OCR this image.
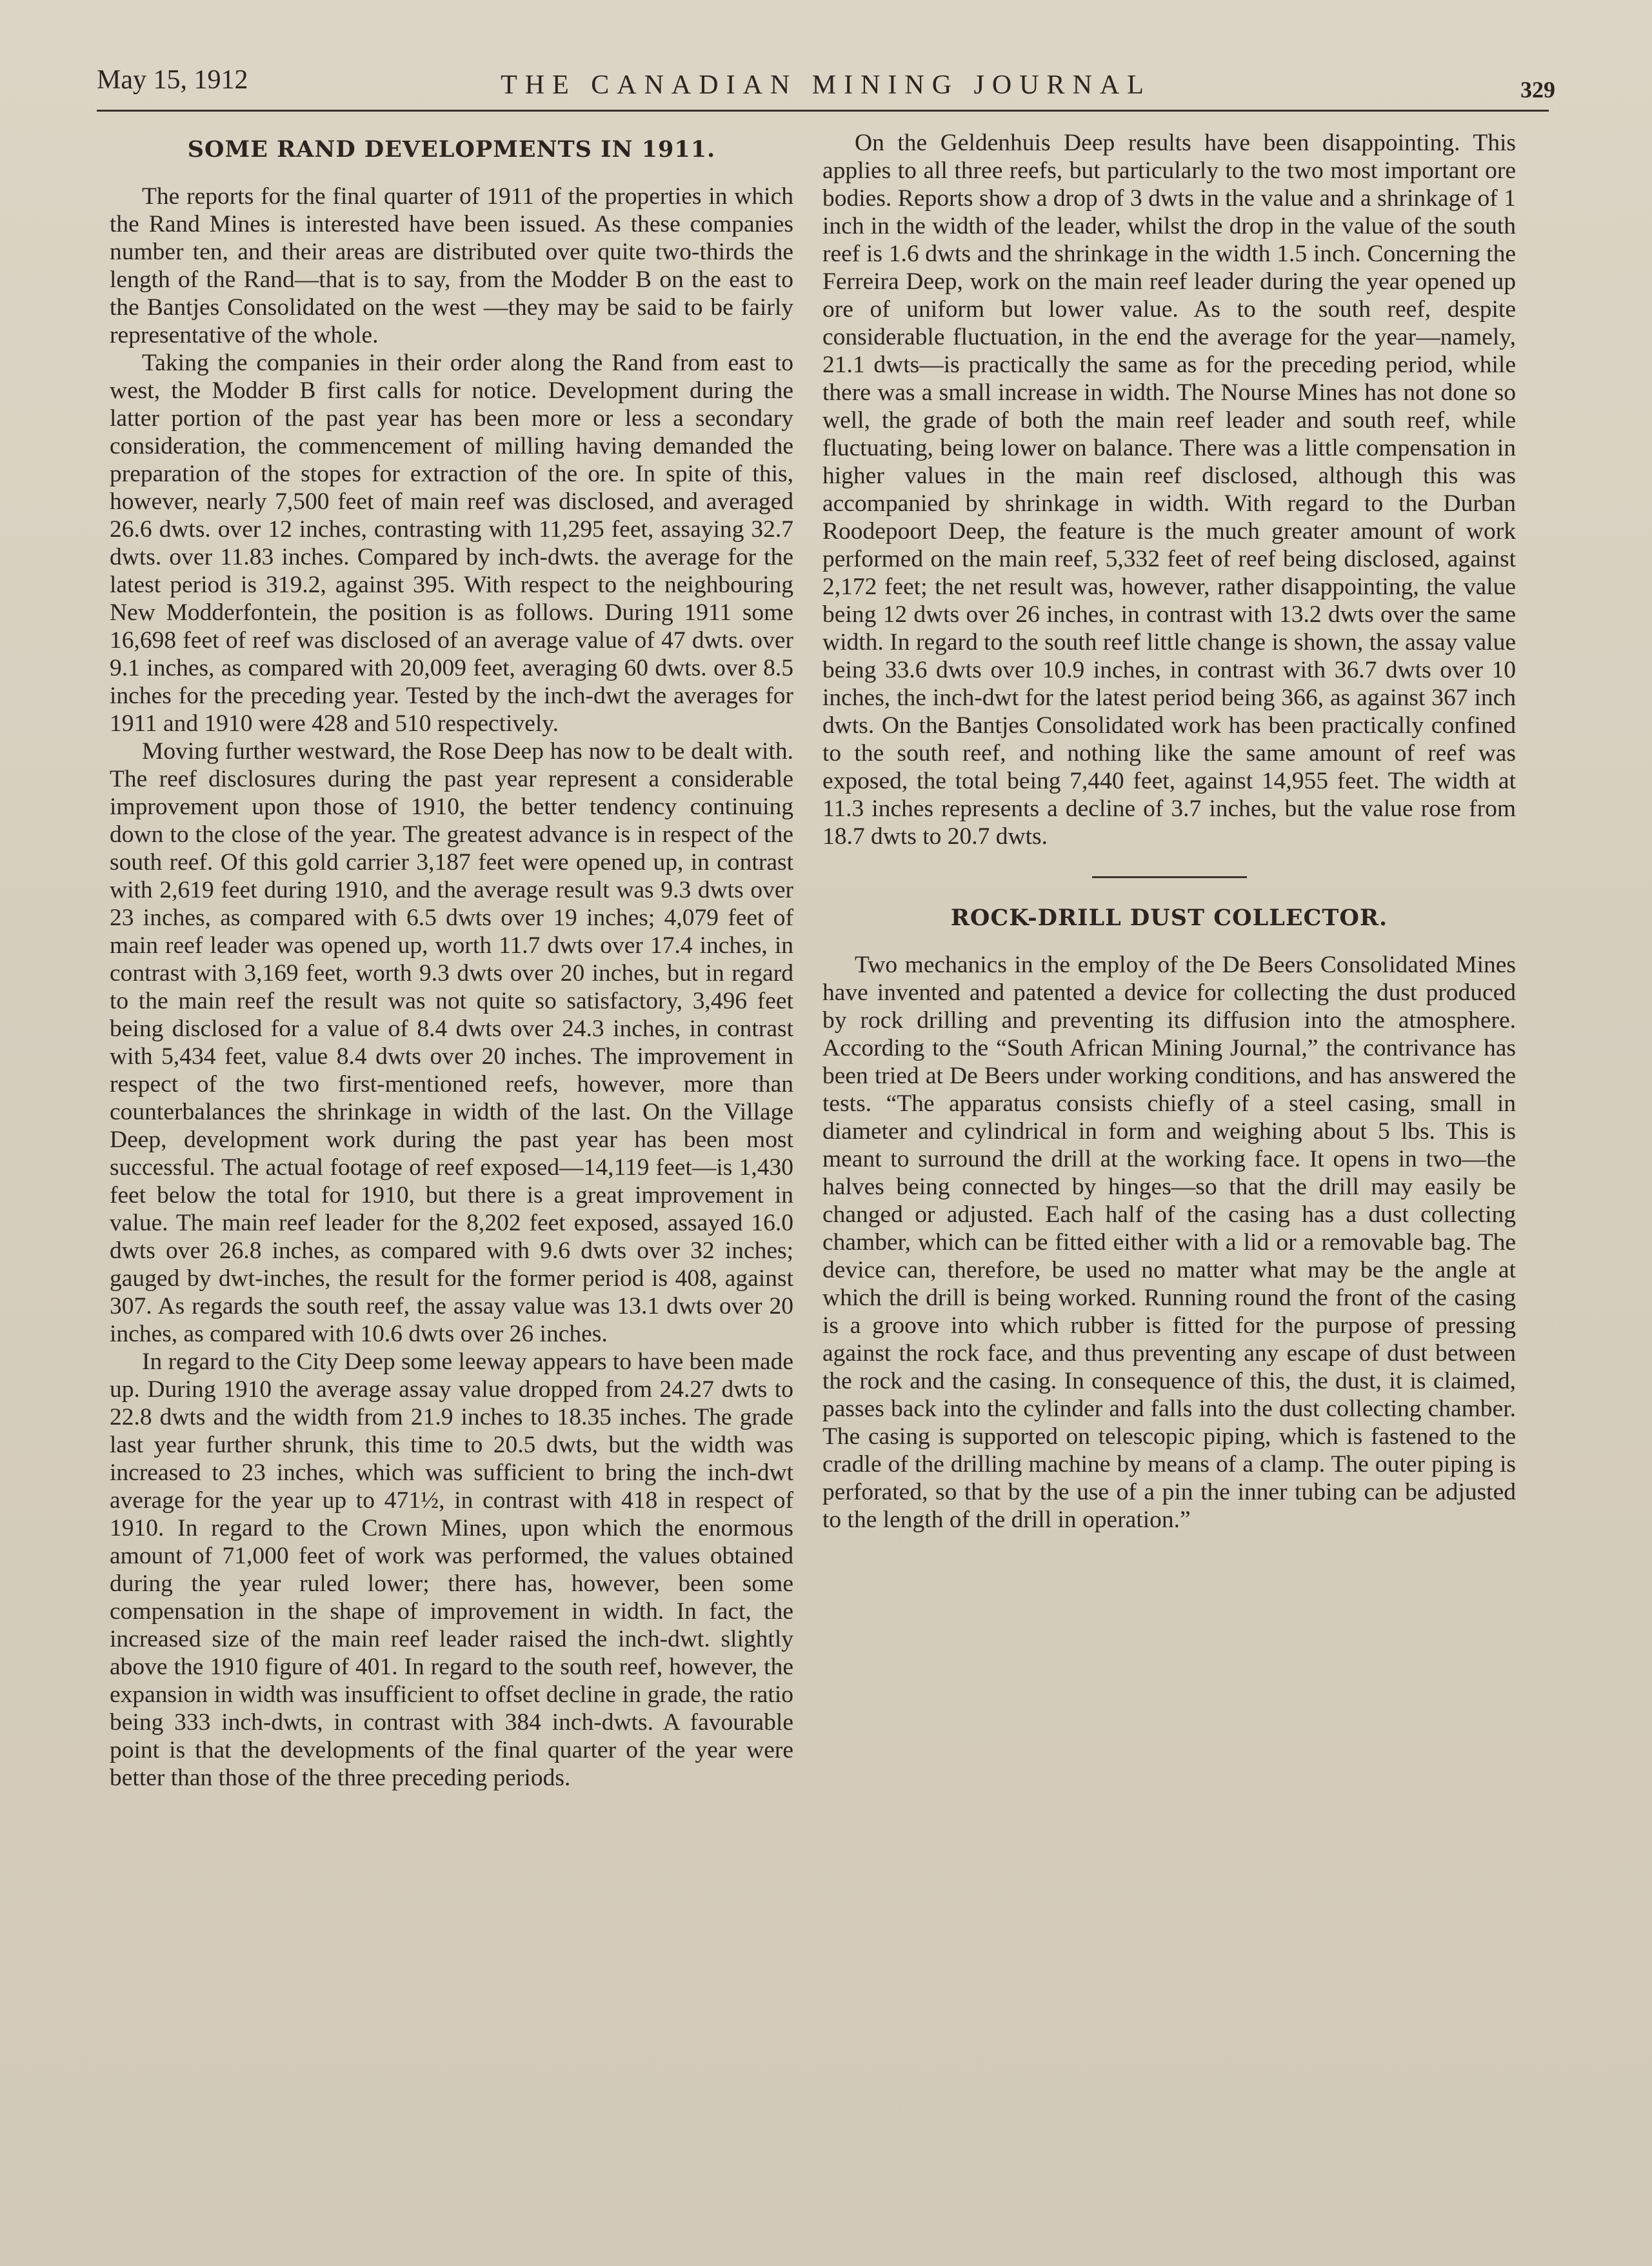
May 15, 1912	THE CANADIAN MINING JOURNAL	329
SOME RAND DEVELOPMENTS IN 1911.

The reports for the final quarter of 1911 of the properties in which the Rand Mines is interested have been issued. As these companies number ten, and their areas are distributed over quite two-thirds the length of the Rand—that is to say, from the Modder B on the east to the Bantjes Consolidated on the west —they may be said to be fairly representative of the whole.

Taking the companies in their order along the Rand from east to west, the Modder B first calls for notice. Development during the latter portion of the past year has been more or less a secondary consideration, the commencement of milling having demanded the preparation of the stopes for extraction of the ore. In spite of this, however, nearly 7,500 feet of main reef was disclosed, and averaged 26.6 dwts. over 12 inches, contrasting with 11,295 feet, assaying 32.7 dwts. over 11.83 inches. Compared by inch-dwts. the average for the latest period is 319.2, against 395. With respect to the neighbouring New Modderfontein, the position is as follows. During 1911 some 16,698 feet of reef was disclosed of an average value of 47 dwts. over 9.1 inches, as compared with 20,009 feet, averaging 60 dwts. over 8.5 inches for the preceding year. Tested by the inch-dwt the averages for 1911 and 1910 were 428 and 510 respectively.

Moving further westward, the Rose Deep has now to be dealt with. The reef disclosures during the past year represent a considerable improvement upon those of 1910, the better tendency continuing down to the close of the year. The greatest advance is in respect of the south reef. Of this gold carrier 3,187 feet were opened up, in contrast with 2,619 feet during 1910, and the average result was 9.3 dwts over 23 inches, as compared with 6.5 dwts over 19 inches; 4,079 feet of main reef leader was opened up, worth 11.7 dwts over 17.4 inches, in contrast with 3,169 feet, worth 9.3 dwts over 20 inches, but in regard to the main reef the result was not quite so satisfactory, 3,496 feet being disclosed for a value of 8.4 dwts over 24.3 inches, in contrast with 5,434 feet, value 8.4 dwts over 20 inches. The improvement in respect of the two first-mentioned reefs, however, more than counterbalances the shrinkage in width of the last. On the Village Deep, development work during the past year has been most successful. The actual footage of reef exposed—14,119 feet—is 1,430 feet below the total for 1910, but there is a great improvement in value. The main reef leader for the 8,202 feet exposed, assayed 16.0 dwts over 26.8 inches, as compared with 9.6 dwts over 32 inches; gauged by dwt-inches, the result for the former period is 408, against 307. As regards the south reef, the assay value was 13.1 dwts over 20 inches, as compared with 10.6 dwts over 26 inches.

In regard to the City Deep some leeway appears to have been made up. During 1910 the average assay value dropped from 24.27 dwts to 22.8 dwts and the width from 21.9 inches to 18.35 inches. The grade last year further shrunk, this time to 20.5 dwts, but the width was increased to 23 inches, which was sufficient to bring the inch-dwt average for the year up to 471½, in contrast with 418 in respect of 1910. In regard to the Crown Mines, upon which the enormous amount of 71,000 feet of work was performed, the values obtained during the year ruled lower; there has, however, been some compensation in the shape of improvement in width. In fact, the increased size of the main reef leader raised the inch-dwt. slightly above the 1910 figure of 401. In regard to the south reef, however, the expansion in width was insufficient to offset decline in grade, the ratio being 333 inch-dwts, in contrast with 384 inch-dwts. A favourable point is that the developments of the final quarter of the year were better than those of the three preceding periods.

On the Geldenhuis Deep results have been disappointing. This applies to all three reefs, but particularly to the two most important ore bodies. Reports show a drop of 3 dwts in the value and a shrinkage of 1 inch in the width of the leader, whilst the drop in the value of the south reef is 1.6 dwts and the shrinkage in the width 1.5 inch. Concerning the Ferreira Deep, work on the main reef leader during the year opened up ore of uniform but lower value. As to the south reef, despite considerable fluctuation, in the end the average for the year—namely, 21.1 dwts—is practically the same as for the preceding period, while there was a small increase in width. The Nourse Mines has not done so well, the grade of both the main reef leader and south reef, while fluctuating, being lower on balance. There was a little compensation in higher values in the main reef disclosed, although this was accompanied by shrinkage in width. With regard to the Durban Roodepoort Deep, the feature is the much greater amount of work performed on the main reef, 5,332 feet of reef being disclosed, against 2,172 feet; the net result was, however, rather disappointing, the value being 12 dwts over 26 inches, in contrast with 13.2 dwts over the same width. In regard to the south reef little change is shown, the assay value being 33.6 dwts over 10.9 inches, in contrast with 36.7 dwts over 10 inches, the inch-dwt for the latest period being 366, as against 367 inch dwts. On the Bantjes Consolidated work has been practically confined to the south reef, and nothing like the same amount of reef was exposed, the total being 7,440 feet, against 14,955 feet. The width at 11.3 inches represents a decline of 3.7 inches, but the value rose from 18.7 dwts to 20.7 dwts.

ROCK-DRILL DUST COLLECTOR.

Two mechanics in the employ of the De Beers Consolidated Mines have invented and patented a device for collecting the dust produced by rock drilling and preventing its diffusion into the atmosphere. According to the “South African Mining Journal,” the contrivance has been tried at De Beers under working conditions, and has answered the tests. “The apparatus consists chiefly of a steel casing, small in diameter and cylindrical in form and weighing about 5 lbs. This is meant to surround the drill at the working face. It opens in two—the halves being connected by hinges—so that the drill may easily be changed or adjusted. Each half of the casing has a dust collecting chamber, which can be fitted either with a lid or a removable bag. The device can, therefore, be used no matter what may be the angle at which the drill is being worked. Running round the front of the casing is a groove into which rubber is fitted for the purpose of pressing against the rock face, and thus preventing any escape of dust between the rock and the casing. In consequence of this, the dust, it is claimed, passes back into the cylinder and falls into the dust collecting chamber. The casing is supported on telescopic piping, which is fastened to the cradle of the drilling machine by means of a clamp. The outer piping is perforated, so that by the use of a pin the inner tubing can be adjusted to the length of the drill in operation.”
